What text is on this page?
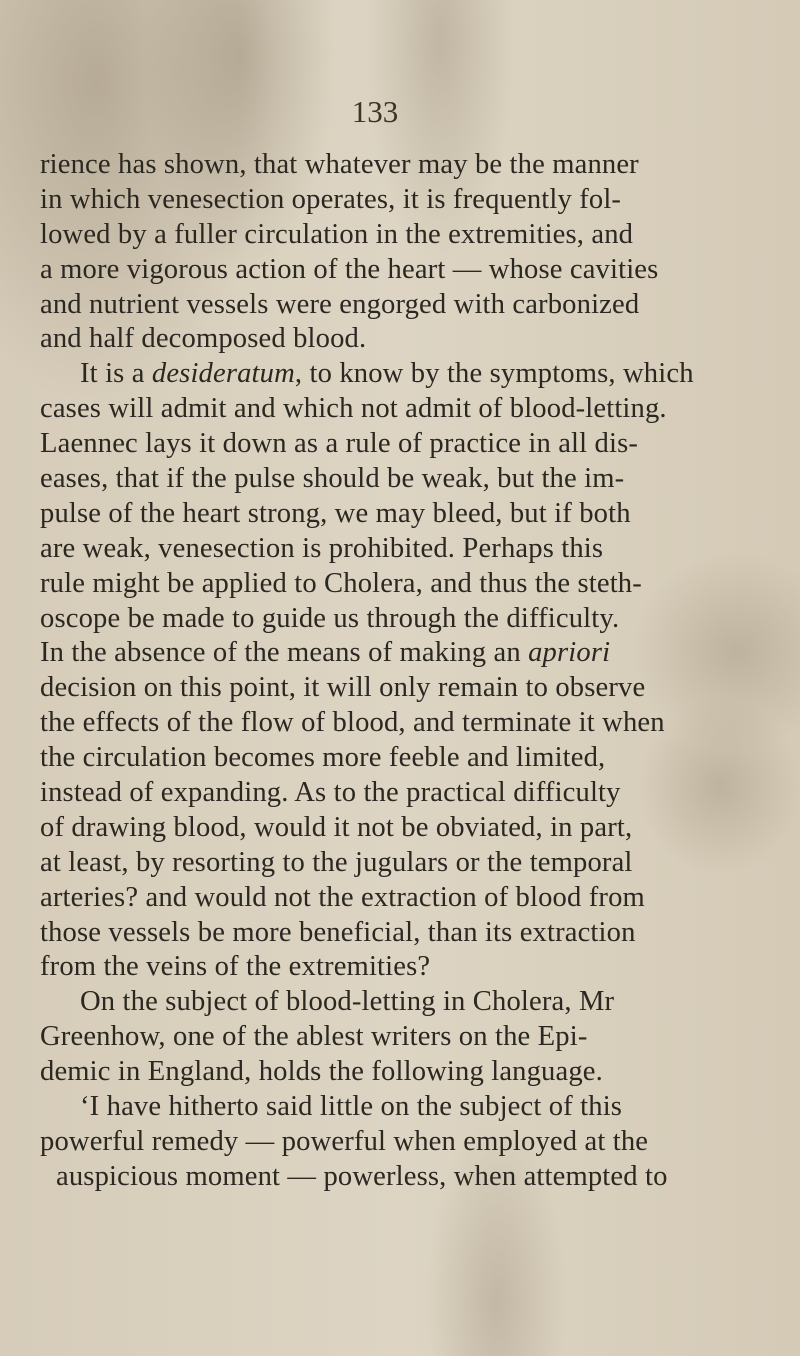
133
rience has shown, that whatever may be the manner
in which venesection operates, it is frequently fol-
lowed by a fuller circulation in the extremities, and
a more vigorous action of the heart — whose cavities
and nutrient vessels were engorged with carbonized
and half decomposed blood.
It is a desideratum, to know by the symptoms, which
cases will admit and which not admit of blood-letting.
Laennec lays it down as a rule of practice in all dis-
eases, that if the pulse should be weak, but the im-
pulse of the heart strong, we may bleed, but if both
are weak, venesection is prohibited. Perhaps this
rule might be applied to Cholera, and thus the steth-
oscope be made to guide us through the difficulty.
In the absence of the means of making an apriori
decision on this point, it will only remain to observe
the effects of the flow of blood, and terminate it when
the circulation becomes more feeble and limited,
instead of expanding. As to the practical difficulty
of drawing blood, would it not be obviated, in part,
at least, by resorting to the jugulars or the temporal
arteries? and would not the extraction of blood from
those vessels be more beneficial, than its extraction
from the veins of the extremities?
On the subject of blood-letting in Cholera, Mr
Greenhow, one of the ablest writers on the Epi-
demic in England, holds the following language.
‘I have hitherto said little on the subject of this
powerful remedy — powerful when employed at the
auspicious moment — powerless, when attempted to
